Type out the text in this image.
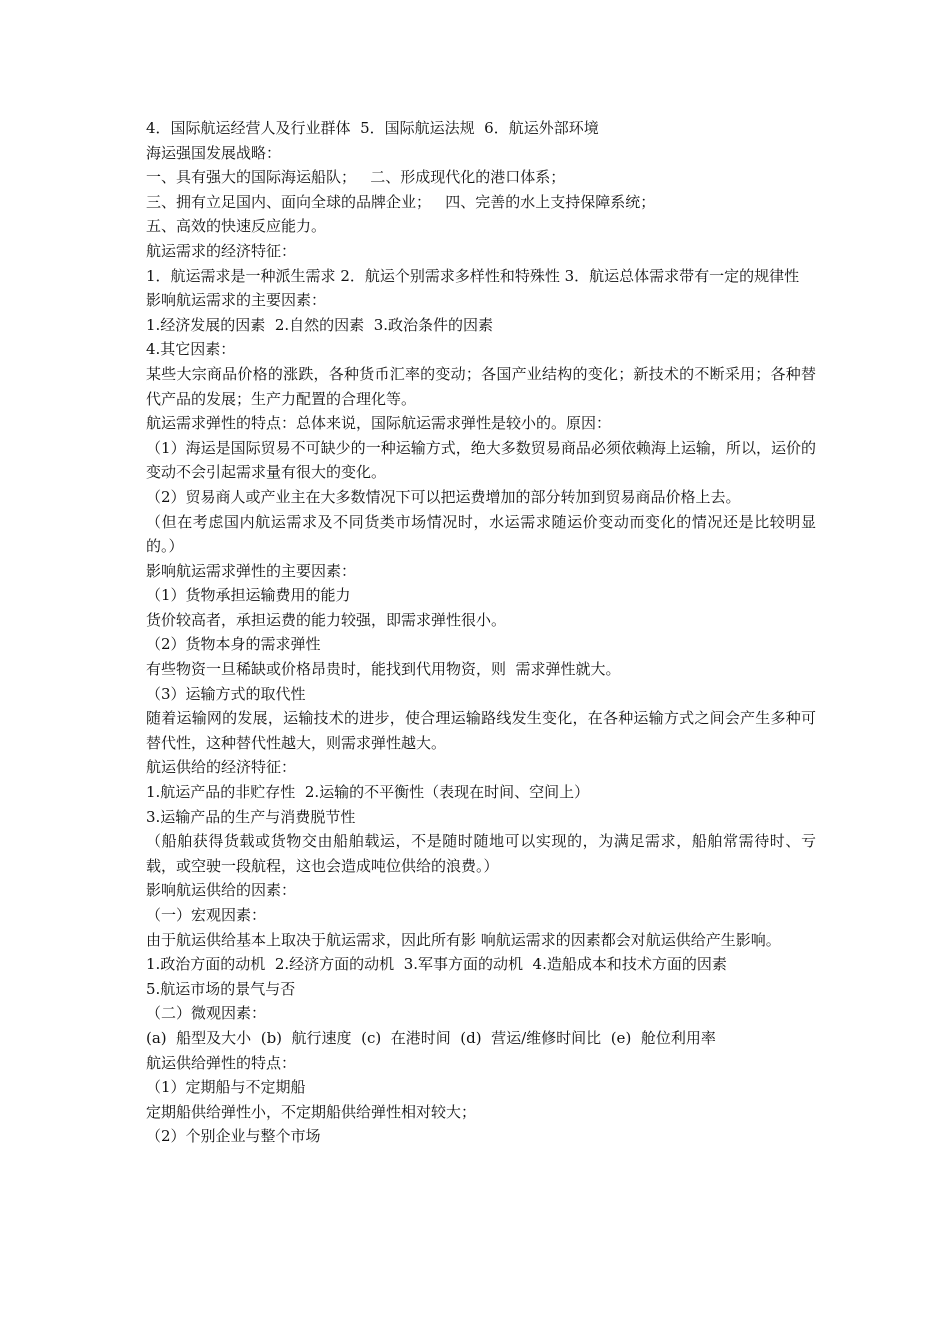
4．国际航运经营人及行业群体  5．国际航运法规  6．航运外部环境
海运强国发展战略：
一、具有强大的国际海运船队；   二、形成现代化的港口体系；
三、拥有立足国内、面向全球的品牌企业；   四、完善的水上支持保障系统；
五、高效的快速反应能力。
航运需求的经济特征：
1．航运需求是一种派生需求 2．航运个别需求多样性和特殊性 3．航运总体需求带有一定的规律性
影响航运需求的主要因素：
1.经济发展的因素  2.自然的因素  3.政治条件的因素
4.其它因素：
某些大宗商品价格的涨跌，各种货币汇率的变动；各国产业结构的变化；新技术的不断采用；各种替代产品的发展；生产力配置的合理化等。
航运需求弹性的特点：总体来说，国际航运需求弹性是较小的。原因：
（1）海运是国际贸易不可缺少的一种运输方式，绝大多数贸易商品必须依赖海上运输，所以，运价的变动不会引起需求量有很大的变化。
（2）贸易商人或产业主在大多数情况下可以把运费增加的部分转加到贸易商品价格上去。
（但在考虑国内航运需求及不同货类市场情况时，水运需求随运价变动而变化的情况还是比较明显的。）
影响航运需求弹性的主要因素：
（1）货物承担运输费用的能力
货价较高者，承担运费的能力较强，即需求弹性很小。
（2）货物本身的需求弹性
有些物资一旦稀缺或价格昂贵时，能找到代用物资，则  需求弹性就大。
（3）运输方式的取代性
随着运输网的发展，运输技术的进步，使合理运输路线发生变化，在各种运输方式之间会产生多种可替代性，这种替代性越大，则需求弹性越大。
航运供给的经济特征：
1.航运产品的非贮存性  2.运输的不平衡性（表现在时间、空间上）
3.运输产品的生产与消费脱节性
（船舶获得货载或货物交由船舶载运，不是随时随地可以实现的，为满足需求，船舶常需待时、亏载，或空驶一段航程，这也会造成吨位供给的浪费。）
影响航运供给的因素：
（一）宏观因素：
由于航运供给基本上取决于航运需求，因此所有影 响航运需求的因素都会对航运供给产生影响。
1.政治方面的动机  2.经济方面的动机  3.军事方面的动机  4.造船成本和技术方面的因素
5.航运市场的景气与否
（二）微观因素：
(a)  船型及大小  (b)  航行速度  (c)  在港时间  (d)  营运/维修时间比  (e)  舱位利用率
航运供给弹性的特点：
（1）定期船与不定期船
定期船供给弹性小，不定期船供给弹性相对较大；
（2）个别企业与整个市场
